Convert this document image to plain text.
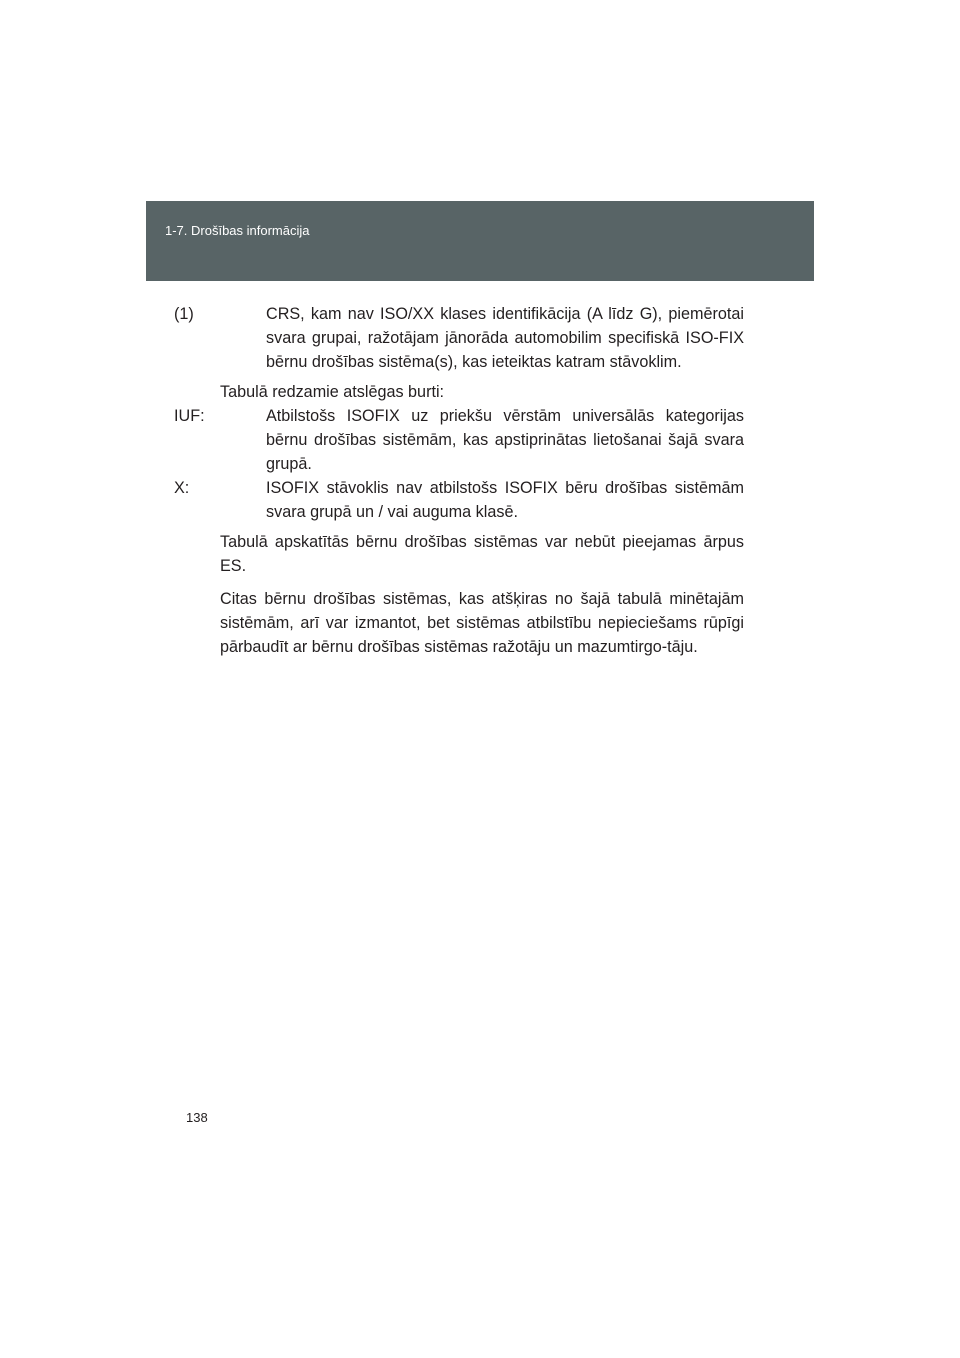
1-7. Drošības informācija
(1)	CRS, kam nav ISO/XX klases identifikācija (A līdz G), piemērotai svara grupai, ražotājam jānorāda automobilim specifiskā ISO-FIX bērnu drošības sistēma(s), kas ieteiktas katram stāvoklim.

Tabulā redzamie atslēgas burti:

IUF:	Atbilstošs ISOFIX uz priekšu vērstām universālās kategorijas bērnu drošības sistēmām, kas apstiprinātas lietošanai šajā svara grupā.
X:	ISOFIX stāvoklis nav atbilstošs ISOFIX bēru drošības sistēmām svara grupā un / vai auguma klasē.

Tabulā apskatītās bērnu drošības sistēmas var nebūt pieejamas ārpus ES.

Citas bērnu drošības sistēmas, kas atšķiras no šajā tabulā minētajām sistēmām, arī var izmantot, bet sistēmas atbilstību nepieciešams rūpīgi pārbaudīt ar bērnu drošības sistēmas ražotāju un mazumtirgo-tāju.

138
